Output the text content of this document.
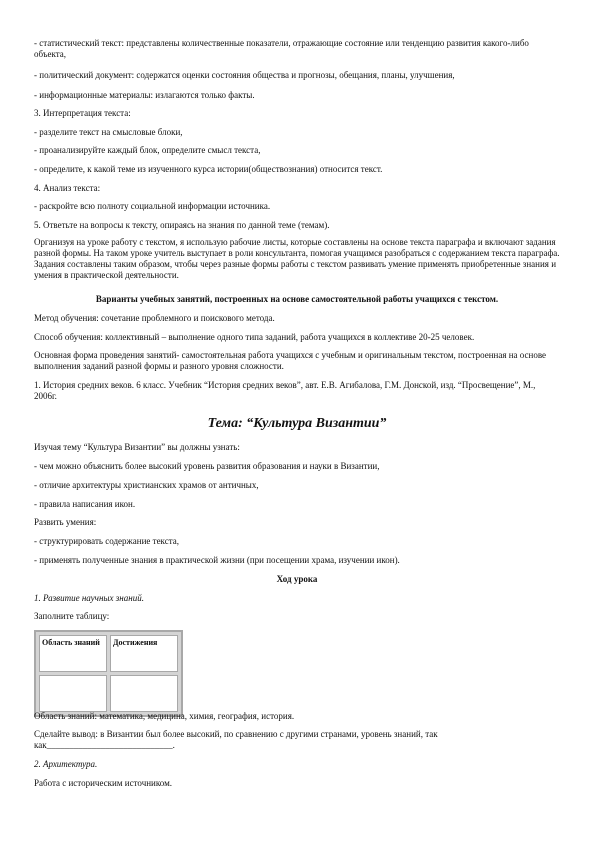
- статистический текст: представлены количественные показатели, отражающие состояние или тенденцию развития какого-либо объекта,

- политический документ: содержатся оценки состояния общества и прогнозы, обещания, планы, улучшения,

- информационные материалы: излагаются только факты.

3. Интерпретация текста:

- разделите текст на смысловые блоки,

- проанализируйте каждый блок, определите смысл текста,

- определите, к какой теме из изученного курса истории(обществознания) относится текст.

4. Анализ текста:

- раскройте всю полноту социальной информации источника.

5. Ответьте на вопросы к тексту, опираясь на знания по данной теме (темам).

Организуя на уроке работу с текстом, я использую рабочие листы, которые составлены на основе текста параграфа и включают задания разной формы. На таком уроке учитель выступает в роли консультанта, помогая учащимся разобраться с содержанием текста параграфа. Задания составлены таким образом, чтобы через разные формы работы с текстом развивать умение применять приобретенные знания и умения в практической деятельности.

Варианты учебных занятий, построенных на основе самостоятельной работы учащихся с текстом.

Метод обучения: сочетание проблемного и поискового метода.

Способ обучения: коллективный – выполнение одного типа заданий, работа учащихся в коллективе 20-25 человек.

Основная форма проведения занятий- самостоятельная работа учащихся с учебным и оригинальным текстом, построенная на основе выполнения заданий разной формы и разного уровня сложности.

1. История средних веков. 6 класс. Учебник “История средних веков”, авт. Е.В. Агибалова, Г.М. Донской, изд. “Просвещение”, М., 2006г.

Тема: “Культура Византии”

Изучая тему “Культура Византии” вы должны узнать:

- чем можно объяснить более высокий уровень развития образования и науки в Византии,

- отличие архитектуры христианских храмов от античных,

- правила написания икон.

Развить умения:

- структурировать содержание текста,

- применять полученные знания в практической жизни (при посещении храма, изучении икон).

Ход урока

1. Развитие научных знаний.

Заполните таблицу:

Область знаний	Достижения

Область знаний: математика, медицина, химия, география, история.

Сделайте вывод: в Византии был более высокий, по сравнению с другими странами, уровень знаний, так как____________________________.

2. Архитектура.

Работа с историческим источником.
